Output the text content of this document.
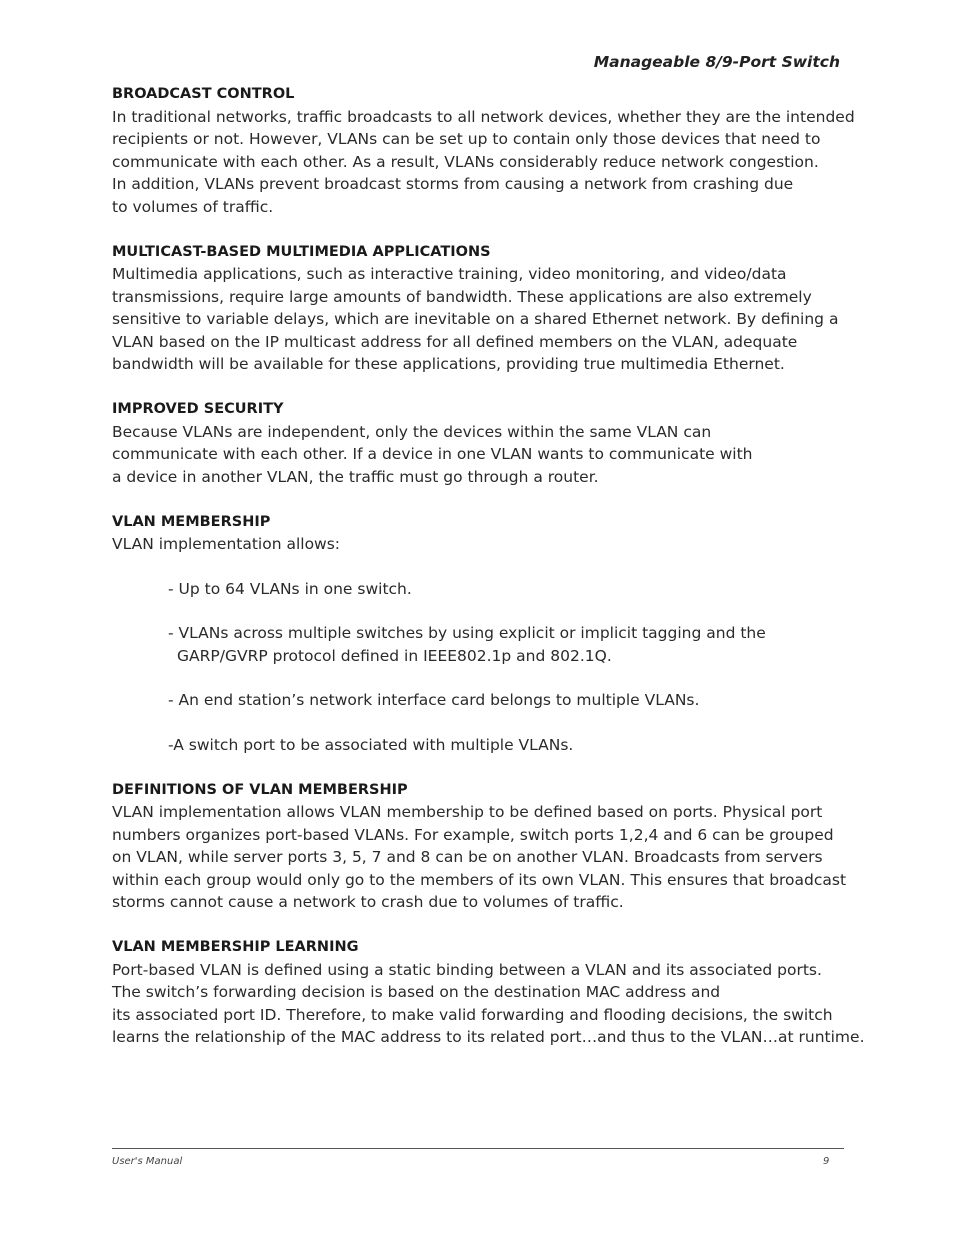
Manageable 8/9-Port Switch
BROADCAST CONTROL
In traditional networks, traffic broadcasts to all network devices, whether they are the intended
recipients or not. However, VLANs can be set up to contain only those devices that need to
communicate with each other. As a result, VLANs considerably reduce network congestion.
In addition, VLANs prevent broadcast storms from causing a network from crashing due
to volumes of traffic.
MULTICAST-BASED MULTIMEDIA APPLICATIONS
Multimedia applications, such as interactive training, video monitoring, and video/data
transmissions, require large amounts of bandwidth. These applications are also extremely
sensitive to variable delays, which are inevitable on a shared Ethernet network. By defining a
VLAN based on the IP multicast address for all defined members on the VLAN, adequate
bandwidth will be available for these applications, providing true multimedia Ethernet.
IMPROVED SECURITY
Because VLANs are independent, only the devices within the same VLAN can
communicate with each other. If a device in one VLAN wants to communicate with
a device in another VLAN, the traffic must go through a router.
VLAN MEMBERSHIP
VLAN implementation allows:
- Up to 64 VLANs in one switch.
- VLANs across multiple switches by using explicit or implicit tagging and the
GARP/GVRP protocol defined in IEEE802.1p and 802.1Q.
- An end station’s network interface card belongs to multiple VLANs.
-A switch port to be associated with multiple VLANs.
DEFINITIONS OF VLAN MEMBERSHIP
VLAN implementation allows VLAN membership to be defined based on ports. Physical port
numbers organizes port-based VLANs. For example, switch ports 1,2,4 and 6 can be grouped
on VLAN, while server ports 3, 5, 7 and 8 can be on another VLAN. Broadcasts from servers
within each group would only go to the members of its own VLAN. This ensures that broadcast
storms cannot cause a network to crash due to volumes of traffic.
VLAN MEMBERSHIP LEARNING
Port-based VLAN is defined using a static binding between a VLAN and its associated ports.
The switch’s forwarding decision is based on the destination MAC address and
its associated port ID. Therefore, to make valid forwarding and flooding decisions, the switch
learns the relationship of the MAC address to its related port…and thus to the VLAN…at runtime.
User's Manual	9
